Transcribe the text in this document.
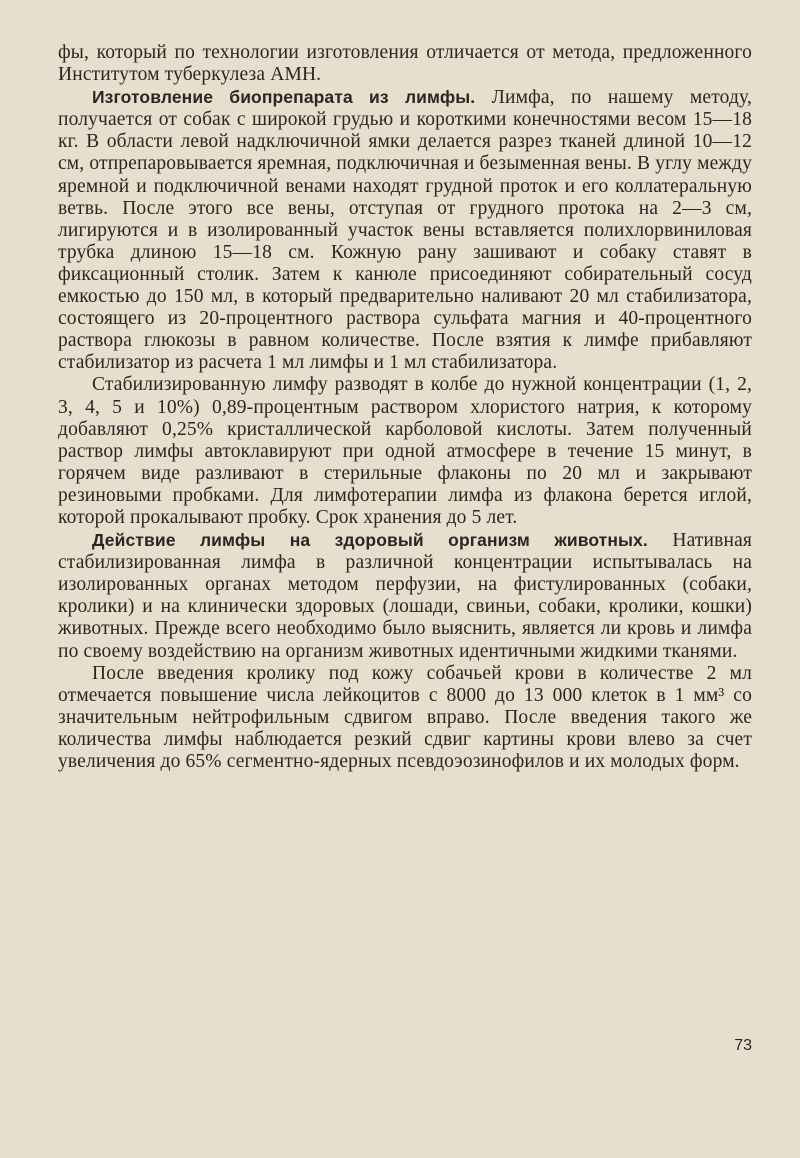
фы, который по технологии изготовления отличается от метода, предложенного Институтом туберкулеза АМН.

Изготовление биопрепарата из лимфы. Лимфа, по нашему методу, получается от собак с широкой грудью и короткими конечностями весом 15—18 кг. В области левой надключичной ямки делается разрез тканей длиной 10—12 см, отпрепаровывается яремная, подключичная и безыменная вены. В углу между яремной и подключичной венами находят грудной проток и его коллатеральную ветвь. После этого все вены, отступая от грудного протока на 2—3 см, лигируются и в изолированный участок вены вставляется полихлорвиниловая трубка длиною 15—18 см. Кожную рану зашивают и собаку ставят в фиксационный столик. Затем к канюле присоединяют собирательный сосуд емкостью до 150 мл, в который предварительно наливают 20 мл стабилизатора, состоящего из 20-процентного раствора сульфата магния и 40-процентного раствора глюкозы в равном количестве. После взятия к лимфе прибавляют стабилизатор из расчета 1 мл лимфы и 1 мл стабилизатора.

Стабилизированную лимфу разводят в колбе до нужной концентрации (1, 2, 3, 4, 5 и 10%) 0,89-процентным раствором хлористого натрия, к которому добавляют 0,25% кристаллической карболовой кислоты. Затем полученный раствор лимфы автоклавируют при одной атмосфере в течение 15 минут, в горячем виде разливают в стерильные флаконы по 20 мл и закрывают резиновыми пробками. Для лимфотерапии лимфа из флакона берется иглой, которой прокалывают пробку. Срок хранения до 5 лет.

Действие лимфы на здоровый организм животных. Нативная стабилизированная лимфа в различной концентрации испытывалась на изолированных органах методом перфузии, на фистулированных (собаки, кролики) и на клинически здоровых (лошади, свиньи, собаки, кролики, кошки) животных. Прежде всего необходимо было выяснить, является ли кровь и лимфа по своему воздействию на организм животных идентичными жидкими тканями.

После введения кролику под кожу собачьей крови в количестве 2 мл отмечается повышение числа лейкоцитов с 8000 до 13 000 клеток в 1 мм³ со значительным нейтрофильным сдвигом вправо. После введения такого же количества лимфы наблюдается резкий сдвиг картины крови влево за счет увеличения до 65% сегментно-ядерных псевдоэозинофилов и их молодых форм.

73
